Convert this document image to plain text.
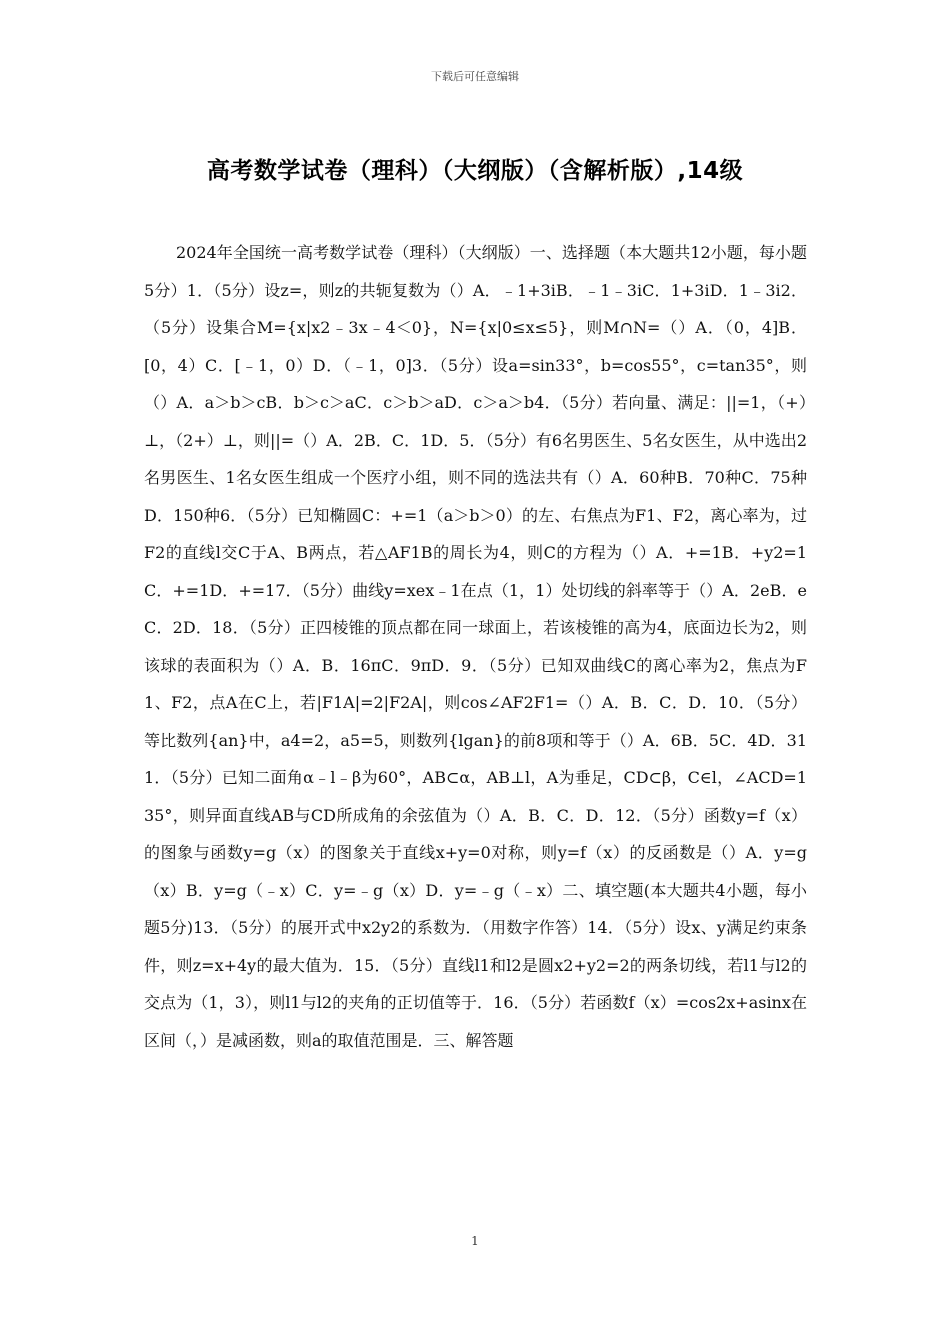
下载后可任意编辑
高考数学试卷（理科）（大纲版）（含解析版）,14级
2024年全国统一高考数学试卷（理科）（大纲版）一、选择题（本大题共12小题，每小题5分）1．（5分）设z=，则z的共轭复数为（）A．﹣1+3iB．﹣1﹣3iC．1+3iD．1﹣3i2．（5分）设集合M={x|x2﹣3x﹣4＜0}，N={x|0≤x≤5}，则M∩N=（）A．（0，4]B．[0，4）C．[﹣1，0）D．（﹣1，0]3．（5分）设a=sin33°，b=cos55°，c=tan35°，则（）A．a＞b＞cB．b＞c＞aC．c＞b＞aD．c＞a＞b4．（5分）若向量、满足：||=1，（+）⊥，（2+）⊥，则||=（）A．2B．C．1D．5．（5分）有6名男医生、5名女医生，从中选出2名男医生、1名女医生组成一个医疗小组，则不同的选法共有（）A．60种B．70种C．75种D．150种6．（5分）已知椭圆C：+=1（a＞b＞0）的左、右焦点为F1、F2，离心率为，过F2的直线l交C于A、B两点，若△AF1B的周长为4，则C的方程为（）A．+=1B．+y2=1C．+=1D．+=17．（5分）曲线y=xex﹣1在点（1，1）处切线的斜率等于（）A．2eB．eC．2D．18．（5分）正四棱锥的顶点都在同一球面上，若该棱锥的高为4，底面边长为2，则该球的表面积为（）A．B．16πC．9πD．9．（5分）已知双曲线C的离心率为2，焦点为F1、F2，点A在C上，若|F1A|=2|F2A|，则cos∠AF2F1=（）A．B．C．D．10．（5分）等比数列{an}中，a4=2，a5=5，则数列{lgan}的前8项和等于（）A．6B．5C．4D．311．（5分）已知二面角α﹣l﹣β为60°，AB⊂α，AB⊥l，A为垂足，CD⊂β，C∈l，∠ACD=135°，则异面直线AB与CD所成角的余弦值为（）A．B．C．D．12．（5分）函数y=f（x）的图象与函数y=g（x）的图象关于直线x+y=0对称，则y=f（x）的反函数是（）A．y=g（x）B．y=g（﹣x）C．y=﹣g（x）D．y=﹣g（﹣x）二、填空题(本大题共4小题，每小题5分)13．（5分）的展开式中x2y2的系数为．（用数字作答）14．（5分）设x、y满足约束条件，则z=x+4y的最大值为．15．（5分）直线l1和l2是圆x2+y2=2的两条切线，若l1与l2的交点为（1，3），则l1与l2的夹角的正切值等于．16．（5分）若函数f（x）=cos2x+asinx在区间（，）是减函数，则a的取值范围是．三、解答题
1
